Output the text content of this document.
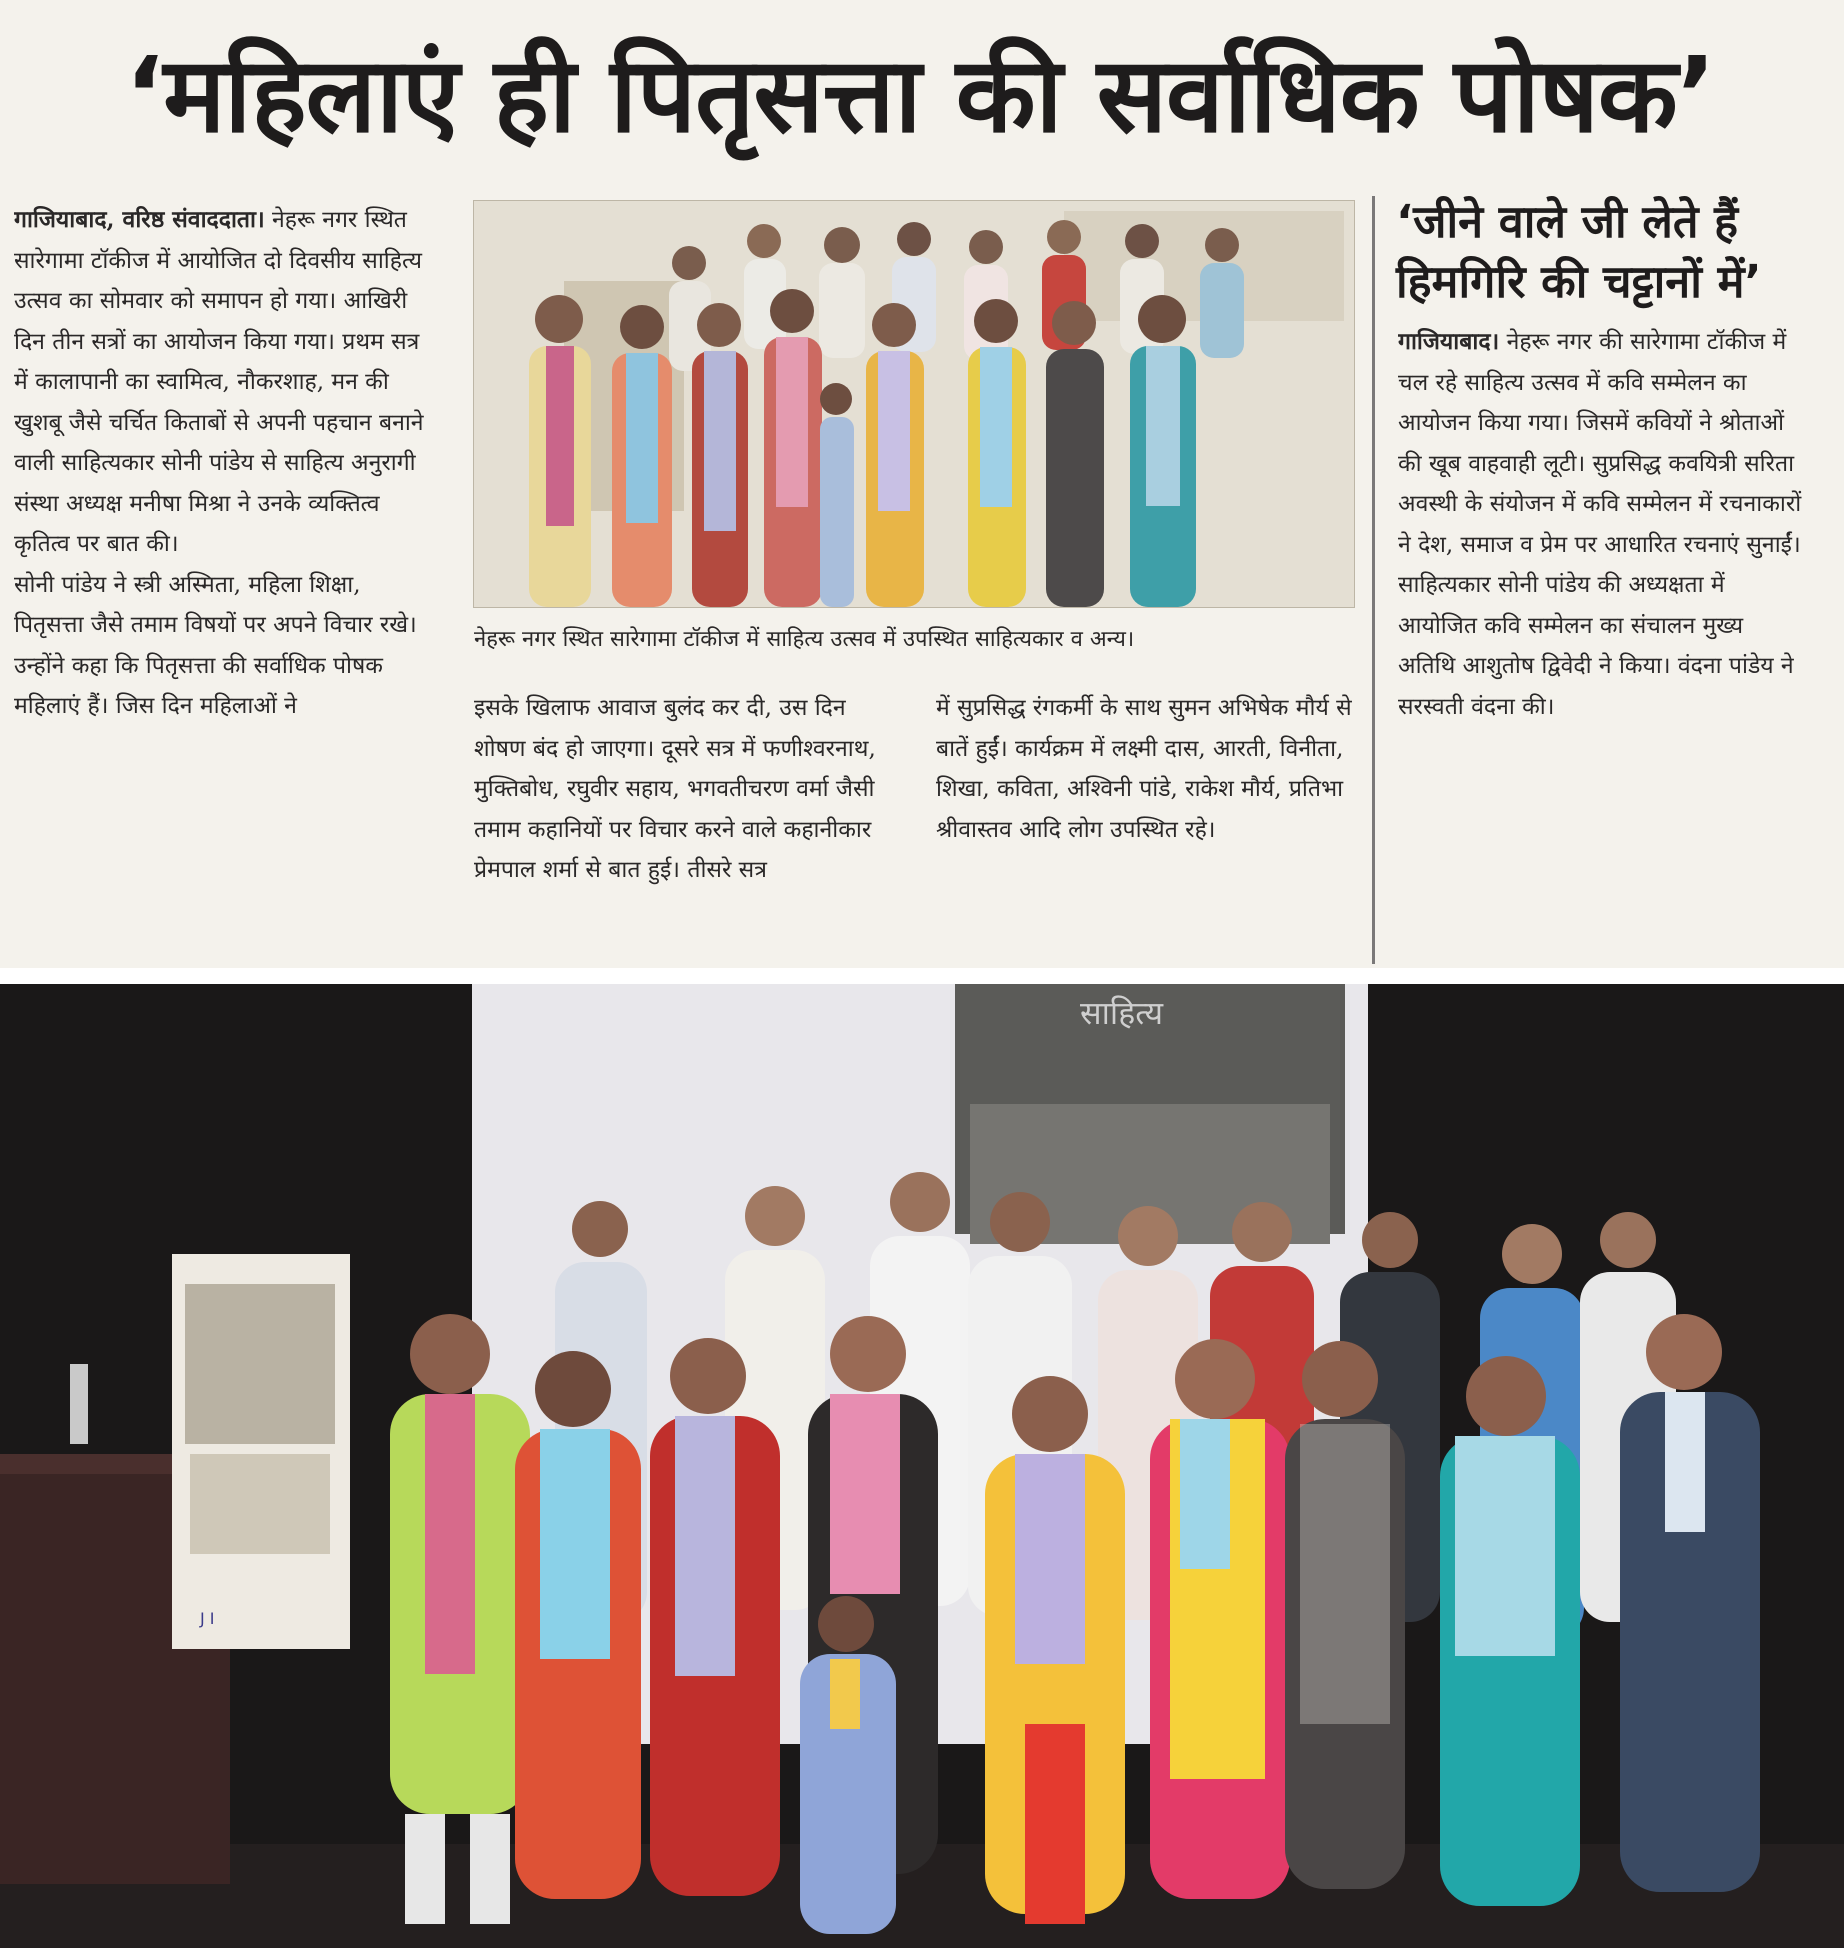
‘महिलाएं ही पितृसत्ता की सर्वाधिक पोषक’

गाजियाबाद, वरिष्ठ संवाददाता। नेहरू नगर स्थित सारेगामा टॉकीज में आयोजित दो दिवसीय साहित्य उत्सव का सोमवार को समापन हो गया। आखिरी दिन तीन सत्रों का आयोजन किया गया। प्रथम सत्र में कालापानी का स्वामित्व, नौकरशाह, मन की खुशबू जैसे चर्चित किताबों से अपनी पहचान बनाने वाली साहित्यकार सोनी पांडेय से साहित्य अनुरागी संस्था अध्यक्ष मनीषा मिश्रा ने उनके व्यक्तित्व कृतित्व पर बात की।
सोनी पांडेय ने स्त्री अस्मिता, महिला शिक्षा, पितृसत्ता जैसे तमाम विषयों पर अपने विचार रखे। उन्होंने कहा कि पितृसत्ता की सर्वाधिक पोषक महिलाएं हैं। जिस दिन महिलाओं ने

नेहरू नगर स्थित सारेगामा टॉकीज में साहित्य उत्सव में उपस्थित साहित्यकार व अन्य।

इसके खिलाफ आवाज बुलंद कर दी, उस दिन शोषण बंद हो जाएगा। दूसरे सत्र में फणीश्वरनाथ, मुक्तिबोध, रघुवीर सहाय, भगवतीचरण वर्मा जैसी तमाम कहानियों पर विचार करने वाले कहानीकार प्रेमपाल शर्मा से बात हुई। तीसरे सत्र

में सुप्रसिद्ध रंगकर्मी के साथ सुमन अभिषेक मौर्य से बातें हुईं। कार्यक्रम में लक्ष्मी दास, आरती, विनीता, शिखा, कविता, अश्विनी पांडे, राकेश मौर्य, प्रतिभा श्रीवास्तव आदि लोग उपस्थित रहे।

‘जीने वाले जी लेते हैं
हिमगिरि की चट्टानों में’

गाजियाबाद। नेहरू नगर की सारेगामा टॉकीज में चल रहे साहित्य उत्सव में कवि सम्मेलन का आयोजन किया गया। जिसमें कवियों ने श्रोताओं की खूब वाहवाही लूटी। सुप्रसिद्ध कवयित्री सरिता अवस्थी के संयोजन में कवि सम्मेलन में रचनाकारों ने देश, समाज व प्रेम पर आधारित रचनाएं सुनाईं। साहित्यकार सोनी पांडेय की अध्यक्षता में आयोजित कवि सम्मेलन का संचालन मुख्य अतिथि आशुतोष द्विवेदी ने किया। वंदना पांडेय ने सरस्वती वंदना की।

साहित्य
J I
